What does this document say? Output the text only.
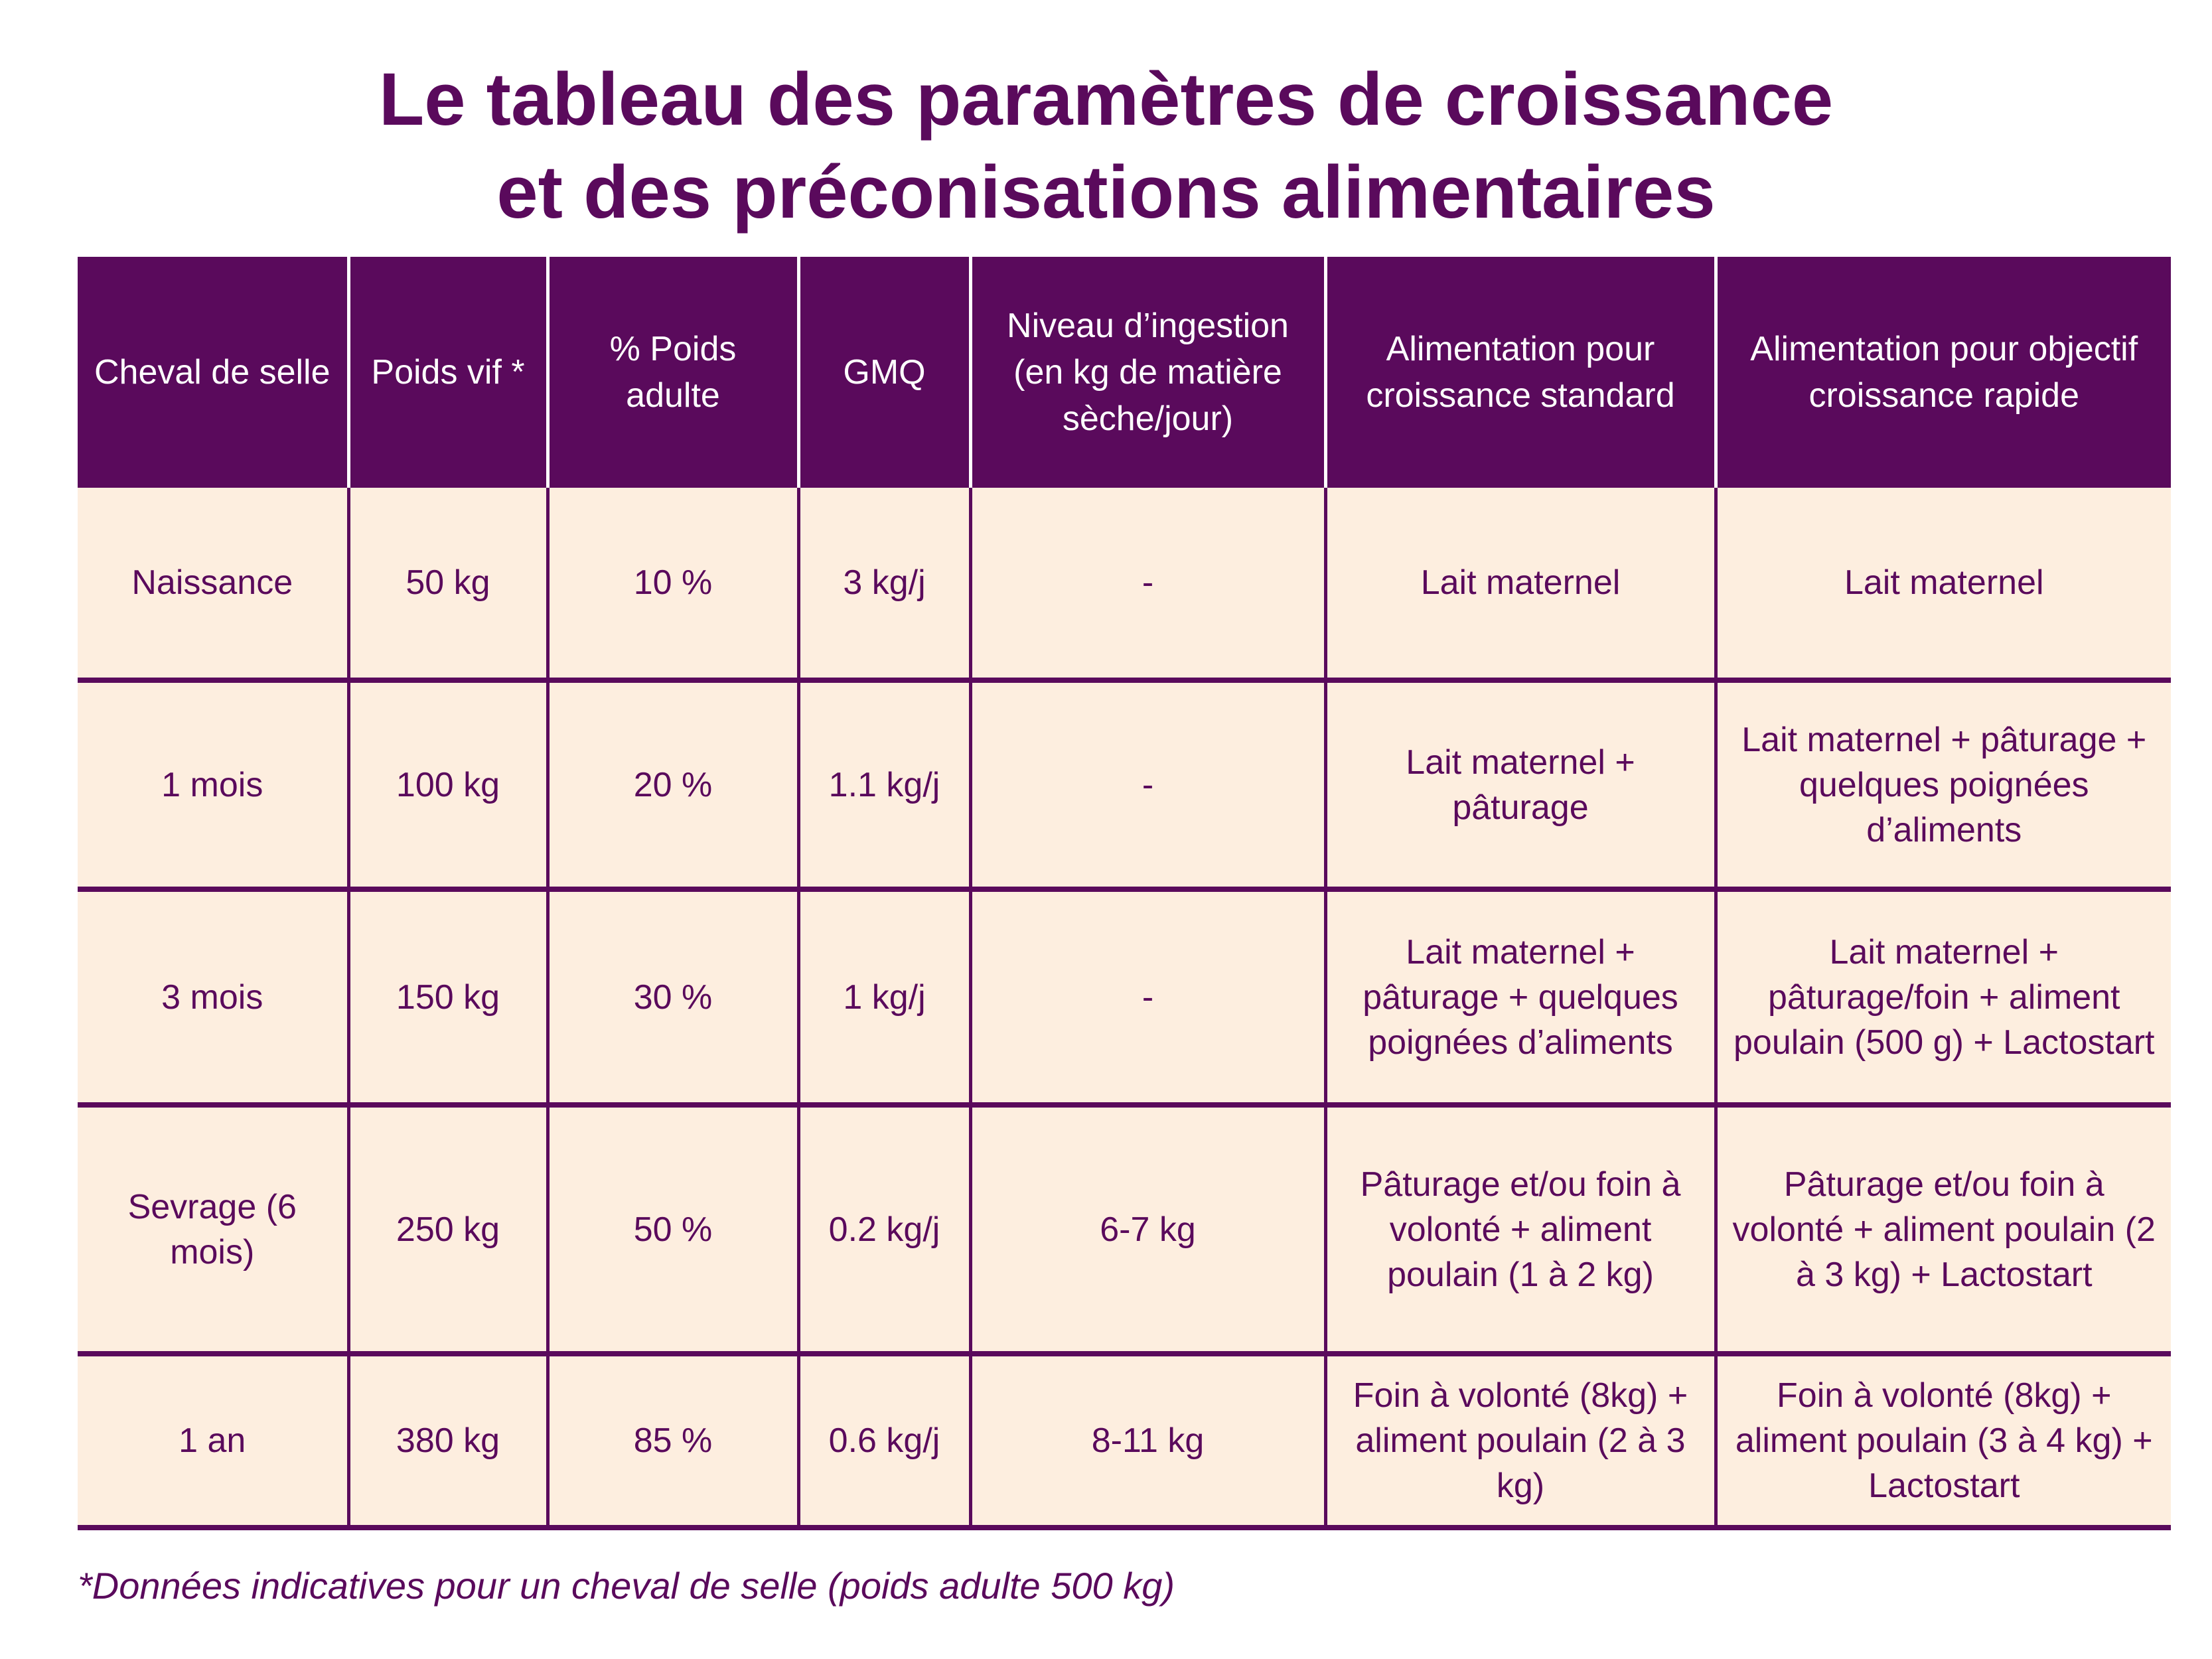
Le tableau des paramètres de croissance
et des préconisations alimentaires
Cheval de selle	Poids vif *	% Poids adulte	GMQ	Niveau d’ingestion (en kg de matière sèche/jour)	Alimentation pour croissance standard	Alimentation pour objectif croissance rapide
Naissance	50 kg	10 %	3 kg/j	-	Lait maternel	Lait maternel
1 mois	100 kg	20 %	1.1 kg/j	-	Lait maternel + pâturage	Lait maternel + pâturage + quelques poignées d’aliments
3 mois	150 kg	30 %	1 kg/j	-	Lait maternel + pâturage + quelques poignées d’aliments	Lait maternel + pâturage/foin + aliment poulain (500 g) + Lactostart
Sevrage (6 mois)	250 kg	50 %	0.2 kg/j	6-7 kg	Pâturage et/ou foin à volonté + aliment poulain (1 à 2 kg)	Pâturage et/ou foin à volonté + aliment poulain (2 à 3 kg) + Lactostart
1 an	380 kg	85 %	0.6 kg/j	8-11 kg	Foin à volonté (8kg) + aliment poulain (2 à 3 kg)	Foin à volonté (8kg) + aliment poulain (3 à 4 kg) + Lactostart

*Données indicatives pour un cheval de selle (poids adulte 500 kg)
